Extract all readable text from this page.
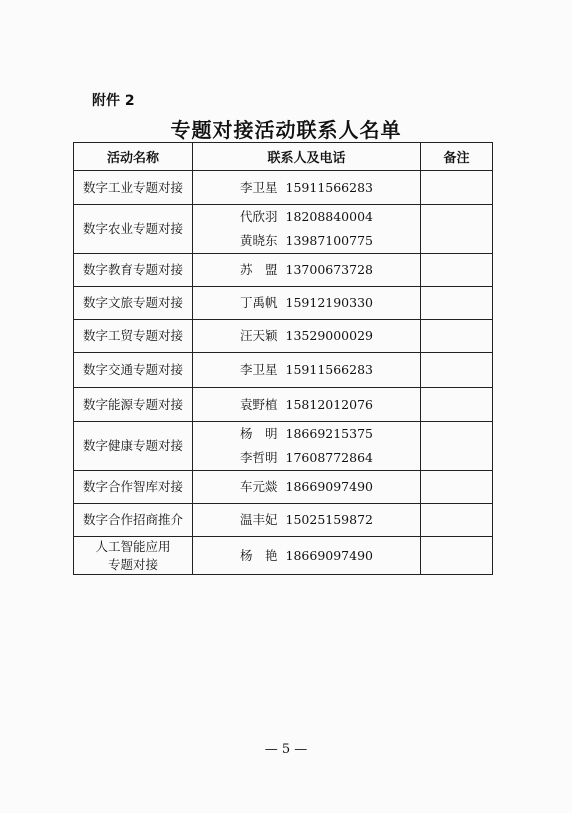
附件 2
专题对接活动联系人名单
活动名称	联系人及电话	备注

数字工业专题对接	李卫星 15911566283	

数字农业专题对接	代欣羽 18208840004
黄晓东 13987100775	

数字教育专题对接	苏　盟 13700673728	

数字文旅专题对接	丁禹帆 15912190330	

数字工贸专题对接	汪天颖 13529000029	

数字交通专题对接	李卫星 15911566283	

数字能源专题对接	袁野植 15812012076	

数字健康专题对接	杨　明 18669215375
李哲明 17608772864	

数字合作智库对接	车元燚 18669097490	

数字合作招商推介	温丰妃 15025159872	

人工智能应用
专题对接	杨　艳 18669097490	

— 5 —
